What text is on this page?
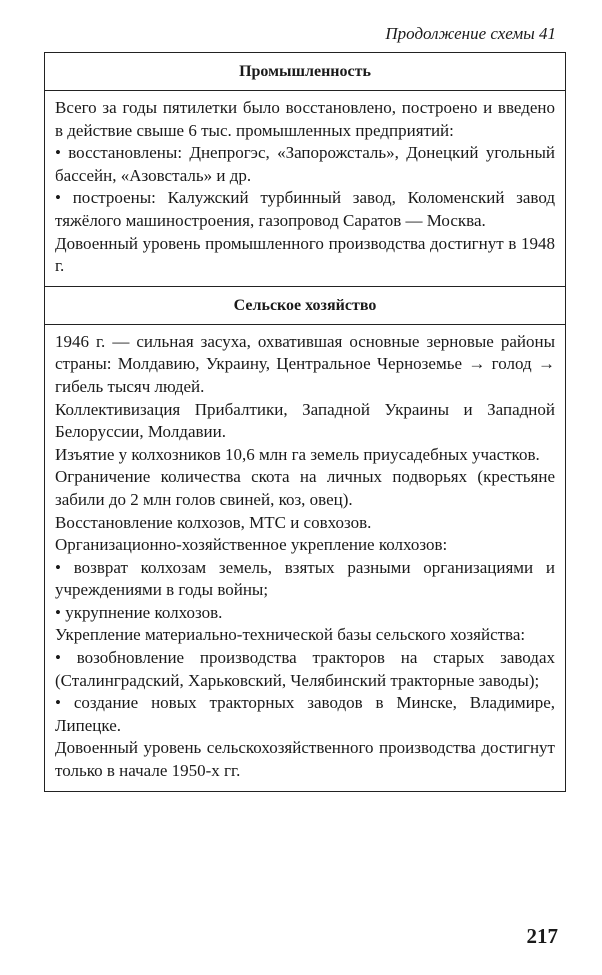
Продолжение схемы 41
Промышленность

Всего за годы пятилетки было восстановлено, построено и введено в действие свыше 6 тыс. промышленных предприятий:

• восстановлены: Днепрогэс, «Запорожсталь», Донецкий угольный бассейн, «Азовсталь» и др.

• построены: Калужский турбинный завод, Коломенский завод тяжёлого машиностроения, газопровод Саратов — Москва.

Довоенный уровень промышленного производства достигнут в 1948 г.

Сельское хозяйство

1946 г. — сильная засуха, охватившая основные зерновые районы страны: Молдавию, Украину, Центральное Черноземье → голод → гибель тысяч людей.

Коллективизация Прибалтики, Западной Украины и Западной Белоруссии, Молдавии.

Изъятие у колхозников 10,6 млн га земель приусадебных участков.

Ограничение количества скота на личных подворьях (крестьяне забили до 2 млн голов свиней, коз, овец).

Восстановление колхозов, МТС и совхозов.

Организационно-хозяйственное укрепление колхозов:

• возврат колхозам земель, взятых разными организациями и учреждениями в годы войны;

• укрупнение колхозов.

Укрепление материально-технической базы сельского хозяйства:

• возобновление производства тракторов на старых заводах (Сталинградский, Харьковский, Челябинский тракторные заводы);

• создание новых тракторных заводов в Минске, Владимире, Липецке.

Довоенный уровень сельскохозяйственного производства достигнут только в начале 1950-х гг.

217
